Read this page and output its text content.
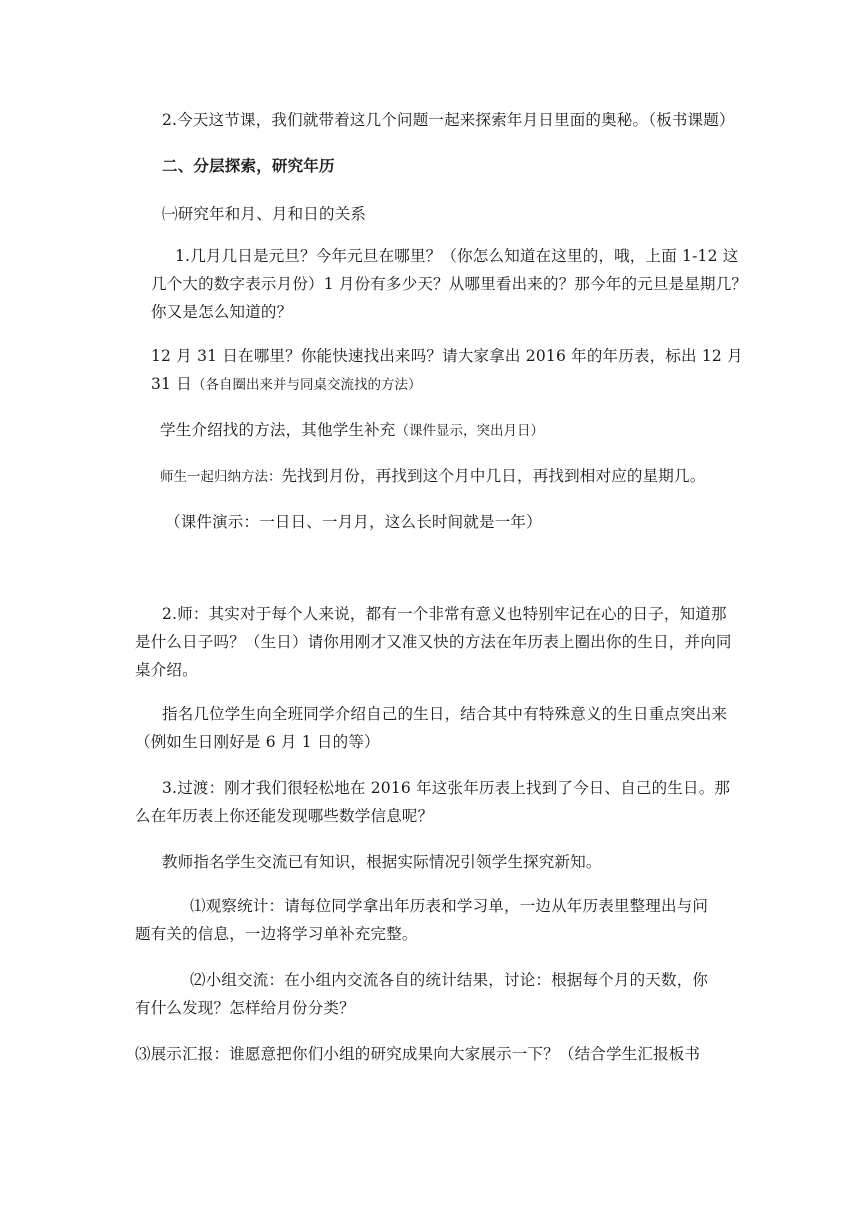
2.今天这节课，我们就带着这几个问题一起来探索年月日里面的奥秘。（板书课题）

二、分层探索，研究年历

㈠研究年和月、月和日的关系

1.几月几日是元旦？今年元旦在哪里？（你怎么知道在这里的，哦，上面 1-12 这

几个大的数字表示月份）1 月份有多少天？从哪里看出来的？那今年的元旦是星期几？

你又是怎么知道的？

12 月 31 日在哪里？你能快速找出来吗？请大家拿出 2016 年的年历表，标出 12 月

31 日（各自圈出来并与同桌交流找的方法）

学生介绍找的方法，其他学生补充（课件显示，突出月日）

师生一起归纳方法：先找到月份，再找到这个月中几日，再找到相对应的星期几。

（课件演示：一日日、一月月，这么长时间就是一年）

2.师：其实对于每个人来说，都有一个非常有意义也特别牢记在心的日子，知道那

是什么日子吗？（生日）请你用刚才又准又快的方法在年历表上圈出你的生日，并向同

桌介绍。

指名几位学生向全班同学介绍自己的生日，结合其中有特殊意义的生日重点突出来

（例如生日刚好是 6 月 1 日的等）

3.过渡：刚才我们很轻松地在 2016 年这张年历表上找到了今日、自己的生日。那

么在年历表上你还能发现哪些数学信息呢？

教师指名学生交流已有知识，根据实际情况引领学生探究新知。

⑴观察统计：请每位同学拿出年历表和学习单，一边从年历表里整理出与问

题有关的信息，一边将学习单补充完整。

⑵小组交流：在小组内交流各自的统计结果，讨论：根据每个月的天数，你

有什么发现？怎样给月份分类？

⑶展示汇报：谁愿意把你们小组的研究成果向大家展示一下？（结合学生汇报板书
